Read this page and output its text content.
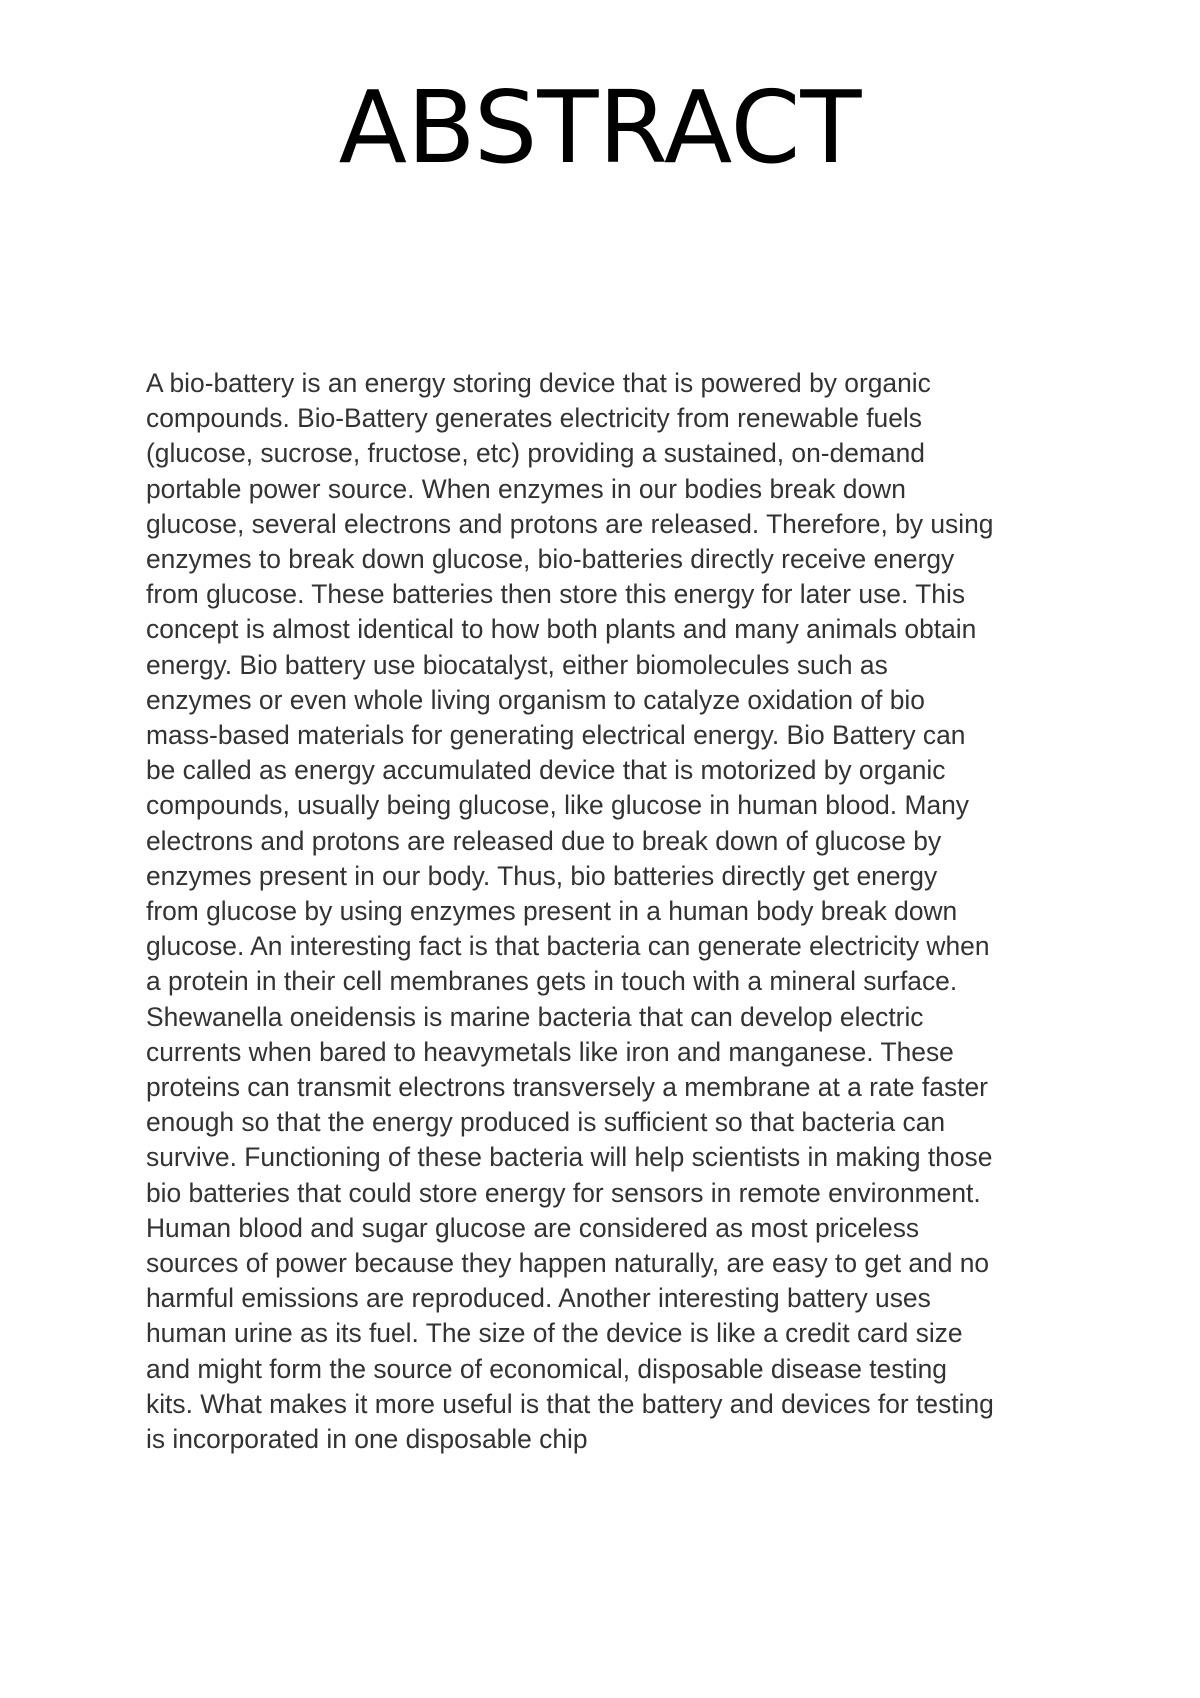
ABSTRACT
A bio-battery is an energy storing device that is powered by organic
compounds. Bio-Battery generates electricity from renewable fuels
(glucose, sucrose, fructose, etc) providing a sustained, on-demand
portable power source. When enzymes in our bodies break down
glucose, several electrons and protons are released. Therefore, by using
enzymes to break down glucose, bio-batteries directly receive energy
from glucose. These batteries then store this energy for later use. This
concept is almost identical to how both plants and many animals obtain
energy. Bio battery use biocatalyst, either biomolecules such as
enzymes or even whole living organism to catalyze oxidation of bio
mass-based materials for generating electrical energy. Bio Battery can
be called as energy accumulated device that is motorized by organic
compounds, usually being glucose, like glucose in human blood. Many
electrons and protons are released due to break down of glucose by
enzymes present in our body. Thus, bio batteries directly get energy
from glucose by using enzymes present in a human body break down
glucose. An interesting fact is that bacteria can generate electricity when
a protein in their cell membranes gets in touch with a mineral surface.
Shewanella oneidensis is marine bacteria that can develop electric
currents when bared to heavymetals like iron and manganese. These
proteins can transmit electrons transversely a membrane at a rate faster
enough so that the energy produced is sufficient so that bacteria can
survive. Functioning of these bacteria will help scientists in making those
bio batteries that could store energy for sensors in remote environment.
Human blood and sugar glucose are considered as most priceless
sources of power because they happen naturally, are easy to get and no
harmful emissions are reproduced. Another interesting battery uses
human urine as its fuel. The size of the device is like a credit card size
and might form the source of economical, disposable disease testing
kits. What makes it more useful is that the battery and devices for testing
is incorporated in one disposable chip
